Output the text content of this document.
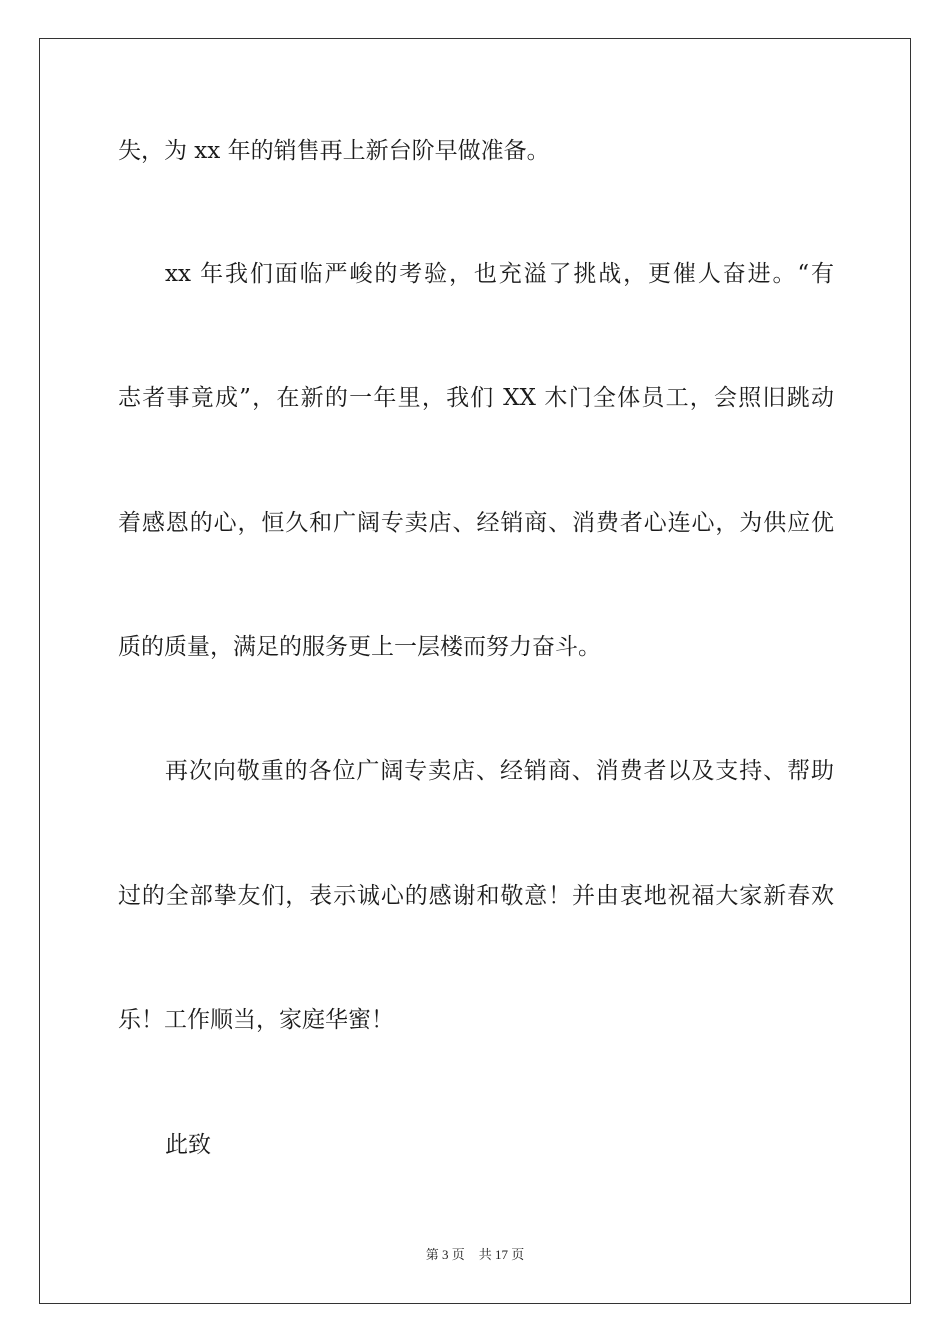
失，为 xx 年的销售再上新台阶早做准备。
xx 年我们面临严峻的考验，也充溢了挑战，更催人奋进。“有
志者事竟成”，在新的一年里，我们 XX 木门全体员工，会照旧跳动
着感恩的心，恒久和广阔专卖店、经销商、消费者心连心，为供应优
质的质量，满足的服务更上一层楼而努力奋斗。
再次向敬重的各位广阔专卖店、经销商、消费者以及支持、帮助
过的全部挚友们，表示诚心的感谢和敬意！并由衷地祝福大家新春欢
乐！工作顺当，家庭华蜜！
此致
第 3 页 共 17 页
